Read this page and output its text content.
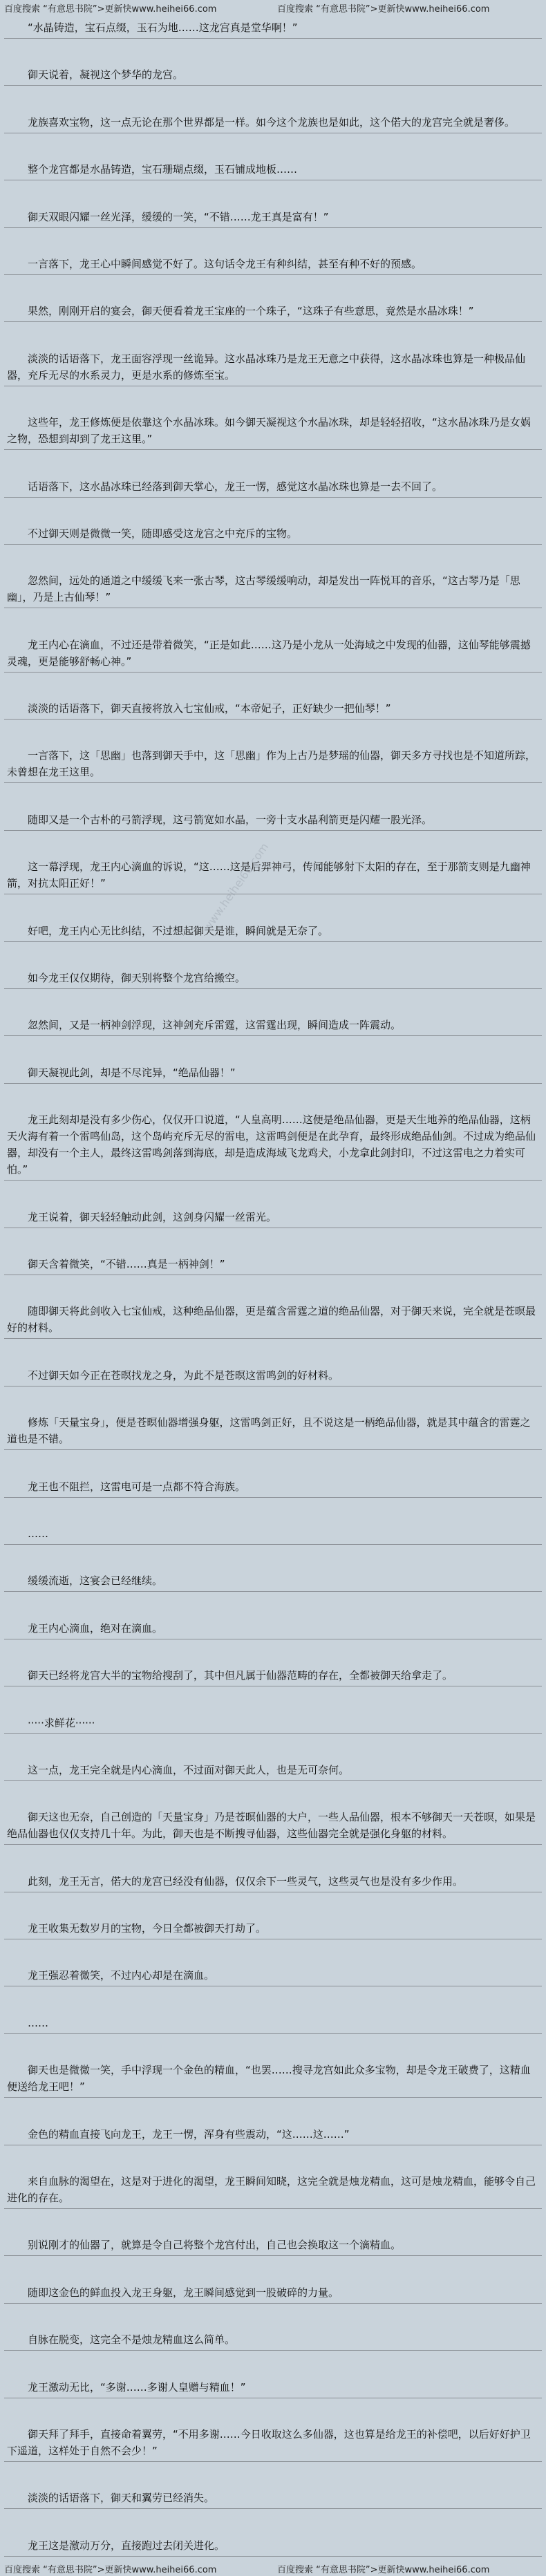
百度搜索 “有意思书院”>更新快www.heihei66.com	百度搜索 “有意思书院”>更新快www.heihei66.com
　　“水晶铸造，宝石点缀，玉石为地……这龙宫真是堂华啊！”
　　御天说着，凝视这个梦华的龙宫。
　　龙族喜欢宝物，这一点无论在那个世界都是一样。如今这个龙族也是如此，这个偌大的龙宫完全就是奢侈。
　　整个龙宫都是水晶铸造，宝石珊瑚点缀，玉石铺成地板……
　　御天双眼闪耀一丝光泽，缓缓的一笑，“不错……龙王真是富有！”
　　一言落下，龙王心中瞬间感觉不好了。这句话令龙王有种纠结，甚至有种不好的预感。
　　果然，刚刚开启的宴会，御天便看着龙王宝座的一个珠子，“这珠子有些意思，竟然是水晶冰珠！”
　　淡淡的话语落下，龙王面容浮现一丝诡异。这水晶冰珠乃是龙王无意之中获得，这水晶冰珠也算是一种极品仙器，充斥无尽的水系灵力，更是水系的修炼至宝。
　　这些年，龙王修炼便是依靠这个水晶冰珠。如今御天凝视这个水晶冰珠，却是轻轻招收，“这水晶冰珠乃是女娲之物，恐想到却到了龙王这里。”
　　话语落下，这水晶冰珠已经落到御天掌心，龙王一愣，感觉这水晶冰珠也算是一去不回了。
　　不过御天则是微微一笑，随即感受这龙宫之中充斥的宝物。
　　忽然间，远处的通道之中缓缓飞来一张古琴，这古琴缓缓响动，却是发出一阵悦耳的音乐，“这古琴乃是「思幽」，乃是上古仙琴！”
　　龙王内心在滴血，不过还是带着微笑，“正是如此……这乃是小龙从一处海域之中发现的仙器，这仙琴能够震撼灵魂，更是能够舒畅心神。”
　　淡淡的话语落下，御天直接将放入七宝仙戒，“本帝妃子，正好缺少一把仙琴！”
　　一言落下，这「思幽」也落到御天手中，这「思幽」作为上古乃是梦瑶的仙器，御天多方寻找也是不知道所踪，未曾想在龙王这里。
　　随即又是一个古朴的弓箭浮现，这弓箭宽如水晶，一旁十支水晶利箭更是闪耀一股光泽。
　　这一幕浮现，龙王内心滴血的诉说，“这……这是后羿神弓，传闻能够射下太阳的存在，至于那箭支则是九幽神箭，对抗太阳正好！”
　　好吧，龙王内心无比纠结，不过想起御天是谁，瞬间就是无奈了。
　　如今龙王仅仅期待，御天别将整个龙宫给搬空。
　　忽然间，又是一柄神剑浮现，这神剑充斥雷霆，这雷霆出现，瞬间造成一阵震动。
　　御天凝视此剑，却是不尽诧异，“绝品仙器！”
　　龙王此刻却是没有多少伤心，仅仅开口说道，“人皇高明……这便是绝品仙器，更是天生地养的绝品仙器，这柄天火海有着一个雷鸣仙岛，这个岛屿充斥无尽的雷电，这雷鸣剑便是在此孕育，最终形成绝品仙剑。不过成为绝品仙器，却没有一个主人，最终这雷鸣剑落到海底，却是造成海域飞龙鸡犬，小龙拿此剑封印，不过这雷电之力着实可怕。”
　　龙王说着，御天轻轻触动此剑，这剑身闪耀一丝雷光。
　　御天含着微笑，“不错……真是一柄神剑！”
　　随即御天将此剑收入七宝仙戒，这种绝品仙器，更是蕴含雷霆之道的绝品仙器，对于御天来说，完全就是苍暝最好的材料。
　　不过御天如今正在苍暝找龙之身，为此不是苍暝这雷鸣剑的好材料。
　　修炼「天量宝身」，便是苍暝仙器增强身躯，这雷鸣剑正好，且不说这是一柄绝品仙器，就是其中蕴含的雷霆之道也是不错。
　　龙王也不阻拦，这雷电可是一点都不符合海族。
　　……
　　缓缓流逝，这宴会已经继续。
　　龙王内心滴血，绝对在滴血。
　　御天已经将龙宫大半的宝物给搜刮了，其中但凡属于仙器范畴的存在，全都被御天给拿走了。
　　·····求鲜花······
　　这一点，龙王完全就是内心滴血，不过面对御天此人，也是无可奈何。
　　御天这也无奈，自己创造的「天量宝身」乃是苍暝仙器的大户，一些人品仙器，根本不够御天一天苍暝，如果是绝品仙器也仅仅支持几十年。为此，御天也是不断搜寻仙器，这些仙器完全就是强化身躯的材料。
　　此刻，龙王无言，偌大的龙宫已经没有仙器，仅仅余下一些灵气，这些灵气也是没有多少作用。
　　龙王收集无数岁月的宝物，今日全都被御天打劫了。
　　龙王强忍着微笑，不过内心却是在滴血。
　　……
　　御天也是微微一笑，手中浮现一个金色的精血，“也罢……搜寻龙宫如此众多宝物，却是令龙王破费了，这精血便送给龙王吧！”
　　金色的精血直接飞向龙王，龙王一愣，浑身有些震动，“这……这……”
　　来自血脉的渴望在，这是对于进化的渴望，龙王瞬间知晓，这完全就是烛龙精血，这可是烛龙精血，能够令自己进化的存在。
　　别说刚才的仙器了，就算是令自己将整个龙宫付出，自己也会换取这一个滴精血。
　　随即这金色的鲜血投入龙王身躯，龙王瞬间感觉到一股破碎的力量。
　　自脉在脱变，这完全不是烛龙精血这么简单。
　　龙王激动无比，“多谢……多谢人皇赠与精血！”
　　御天拜了拜手，直接命着翼劳，“不用多谢……今日收取这么多仙器，这也算是给龙王的补偿吧，以后好好护卫下遥道，这样处于自然不会少！”
　　淡淡的话语落下，御天和翼劳已经消失。
　　龙王这是激动万分，直接跑过去闭关进化。
www.heihei66.com
百度搜索 “有意思书院”>更新快www.heihei66.com	百度搜索 “有意思书院”>更新快www.heihei66.com
